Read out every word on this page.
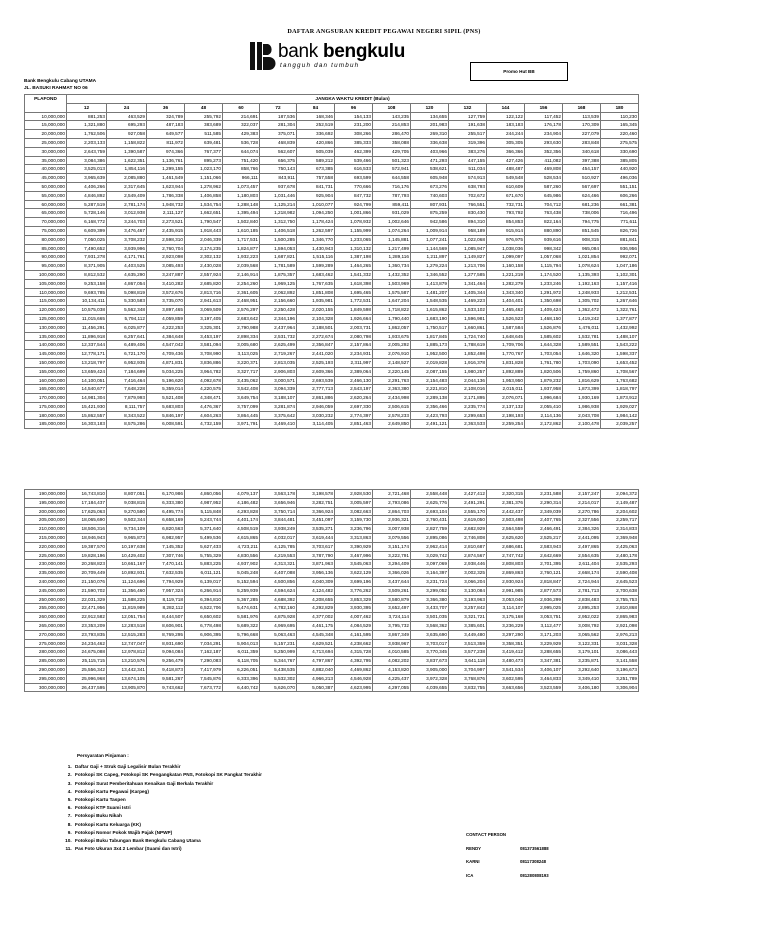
DAFTAR ANGSURAN KREDIT PEGAWAI NEGERI SIPIL (PNS)
bank bengkulu
tangguh dan tumbuh
Promo Hut BB
Bank Bengkulu Cabang UTAMA
JL. BASUKI RAHMAT NO 06
PLAFOND	JANGKA WAKTU KREDIT (Bulan)														
	12	24	36	48	60	72	84	96	108	120	132	144	156	168	180
10,000,000	881,253	463,529	324,789	255,792	214,691	187,536	168,346	154,133	143,235	134,655	127,759	122,122	117,452	113,539	110,230
15,000,000	1,321,880	695,293	487,183	383,689	322,037	281,304	252,519	231,200	214,853	201,983	191,638	183,183	176,178	170,309	165,345
20,000,000	1,762,506	927,058	649,577	511,585	429,383	375,071	336,692	308,266	286,470	269,310	255,517	244,244	234,904	227,079	220,460
25,000,000	2,203,133	1,158,822	811,972	639,481	536,728	468,839	420,866	385,333	358,088	336,638	319,396	305,305	293,630	283,848	275,575
30,000,000	2,643,759	1,390,587	974,366	767,377	644,074	562,607	505,039	462,399	429,705	403,966	383,276	366,366	352,356	340,618	330,690
35,000,000	3,084,386	1,622,351	1,136,761	895,273	751,420	656,375	589,212	539,466	501,323	471,293	447,155	427,426	411,082	397,388	385,805
40,000,000	3,525,013	1,854,116	1,299,155	1,023,170	858,766	750,143	673,385	616,533	572,941	538,621	511,034	488,487	469,808	454,157	440,920
45,000,000	3,965,639	2,085,880	1,461,549	1,151,066	966,111	843,911	757,558	693,599	644,558	605,948	574,913	549,548	528,534	510,927	496,036
50,000,000	4,406,266	2,317,645	1,623,944	1,278,962	1,073,457	937,678	841,731	770,666	716,176	673,276	638,793	610,609	587,260	567,697	551,151
55,000,000	4,846,892	2,549,409	1,786,338	1,406,858	1,180,803	1,031,446	925,904	847,732	787,793	740,603	702,672	671,670	645,986	624,466	606,266
60,000,000	5,287,519	2,781,174	1,948,732	1,534,754	1,288,148	1,125,214	1,010,077	924,799	859,411	807,931	766,551	732,731	704,712	681,236	661,381
65,000,000	5,728,146	3,012,938	2,111,127	1,662,651	1,395,494	1,218,982	1,094,250	1,001,866	931,029	875,259	830,430	793,792	763,438	738,006	716,496
70,000,000	6,168,772	3,244,703	2,273,521	1,790,547	1,502,840	1,312,750	1,178,424	1,078,932	1,002,646	942,586	894,310	854,853	822,164	794,775	771,611
75,000,000	6,609,399	3,476,467	2,435,915	1,918,443	1,610,185	1,406,518	1,262,597	1,155,999	1,074,264	1,009,914	958,189	915,914	880,890	851,545	826,726
80,000,000	7,050,025	3,708,232	2,598,310	2,046,339	1,717,531	1,500,285	1,346,770	1,233,065	1,145,881	1,077,241	1,022,068	976,975	939,616	908,315	881,841
85,000,000	7,490,652	3,939,996	2,760,704	2,174,235	1,824,877	1,594,053	1,430,943	1,310,132	1,217,499	1,144,569	1,085,947	1,038,036	998,342	965,084	936,956
90,000,000	7,931,278	4,171,761	2,923,098	2,302,132	1,932,223	1,687,821	1,515,116	1,387,198	1,289,116	1,211,897	1,149,827	1,099,097	1,057,068	1,021,854	992,071
95,000,000	8,371,905	4,403,525	3,085,493	2,430,028	2,039,568	1,781,589	1,599,289	1,464,265	1,360,734	1,279,224	1,213,706	1,160,158	1,115,794	1,078,624	1,047,186
100,000,000	8,812,532	4,635,290	3,247,887	2,557,924	2,146,914	1,875,357	1,683,462	1,541,332	1,432,352	1,346,552	1,277,585	1,221,219	1,174,520	1,135,393	1,102,301
105,000,000	9,253,158	4,867,054	3,410,282	2,685,820	2,254,260	1,969,125	1,767,635	1,618,398	1,503,969	1,413,879	1,341,464	1,282,279	1,233,246	1,192,163	1,157,416
110,000,000	9,693,785	5,098,819	3,572,676	2,813,716	2,361,605	2,062,892	1,851,808	1,695,465	1,575,587	1,481,207	1,405,344	1,343,340	1,291,972	1,248,933	1,212,531
115,000,000	10,134,411	5,330,583	3,735,070	2,941,613	2,468,951	2,156,660	1,935,981	1,772,531	1,647,204	1,548,535	1,469,223	1,404,401	1,350,698	1,305,702	1,267,646
120,000,000	10,575,038	5,562,348	3,897,465	3,069,509	2,576,297	2,250,428	2,020,155	1,849,598	1,718,822	1,615,862	1,533,102	1,465,462	1,409,424	1,362,472	1,322,761
125,000,000	11,015,665	5,794,112	4,059,859	3,197,405	2,683,642	2,344,196	2,104,328	1,926,664	1,790,440	1,683,190	1,596,981	1,526,523	1,468,150	1,419,242	1,377,877
130,000,000	11,456,291	6,025,877	4,222,253	3,325,301	2,790,988	2,437,964	2,188,501	2,003,731	1,862,057	1,750,517	1,660,861	1,587,584	1,526,876	1,476,011	1,432,992
135,000,000	11,896,918	6,257,641	4,384,648	3,453,197	2,898,334	2,531,732	2,272,674	2,080,798	1,933,675	1,817,845	1,724,740	1,648,645	1,585,602	1,532,781	1,488,107
140,000,000	12,337,544	6,489,406	4,547,042	3,581,094	3,005,680	2,625,499	2,356,847	2,157,864	2,005,292	1,885,173	1,788,619	1,709,706	1,644,328	1,589,551	1,543,222
145,000,000	12,778,171	6,721,170	4,709,436	3,708,990	3,113,025	2,719,267	2,441,020	2,234,931	2,076,910	1,952,500	1,852,498	1,770,767	1,703,054	1,646,320	1,598,337
150,000,000	13,218,797	6,952,935	4,871,831	3,836,886	3,220,371	2,813,035	2,525,193	2,311,997	2,148,527	2,019,828	1,916,378	1,831,828	1,761,780	1,703,090	1,653,452
155,000,000	13,659,424	7,184,699	5,034,225	3,964,782	3,327,717	2,906,803	2,609,366	2,389,064	2,220,145	2,087,155	1,980,257	1,892,889	1,820,506	1,759,860	1,708,567
160,000,000	14,100,051	7,416,464	5,196,620	4,092,678	3,435,062	3,000,571	2,693,539	2,466,130	2,291,763	2,154,483	2,044,136	1,953,950	1,879,232	1,816,629	1,763,682
165,000,000	14,540,677	7,648,228	5,359,014	4,220,575	3,542,408	3,094,339	2,777,713	2,543,197	2,363,380	2,221,810	2,108,016	2,015,011	1,937,958	1,873,399	1,818,797
170,000,000	14,981,304	7,879,993	5,521,408	4,348,471	3,649,754	3,188,107	2,861,886	2,620,264	2,434,998	2,289,138	2,171,895	2,076,071	1,996,684	1,930,169	1,873,912
175,000,000	15,421,930	8,111,757	5,683,803	4,476,367	3,757,099	3,281,874	2,946,059	2,697,330	2,506,615	2,356,466	2,235,774	2,137,132	2,055,410	1,986,938	1,929,027
180,000,000	15,862,557	8,343,522	5,846,197	4,604,263	3,864,445	3,375,642	3,030,232	2,774,397	2,578,233	2,423,793	2,299,653	2,198,193	2,114,136	2,043,708	1,984,142
185,000,000	16,303,183	8,575,286	6,008,591	4,732,159	3,971,791	3,469,410	3,114,405	2,851,463	2,649,850	2,491,121	2,363,533	2,259,254	2,172,862	2,100,478	2,039,257
190,000,000	16,743,810	8,807,051	6,170,986	4,860,056	4,079,137	3,563,178	3,198,578	2,928,530	2,721,468	2,558,448	2,427,412	2,320,315	2,231,588	2,157,247	2,094,372
195,000,000	17,184,437	9,038,815	6,333,380	4,987,952	4,186,482	3,656,946	3,282,751	3,005,597	2,793,086	2,625,776	2,491,291	2,381,376	2,290,314	2,214,017	2,149,487
200,000,000	17,625,063	9,270,580	6,495,774	5,115,848	4,293,828	3,750,714	3,366,924	3,082,663	2,864,703	2,693,104	2,555,170	2,442,437	2,349,039	2,270,786	2,204,602
205,000,000	18,065,690	9,502,344	6,658,169	5,243,744	4,401,174	3,844,481	3,451,097	3,159,730	2,936,321	2,760,431	2,619,050	2,503,498	2,407,765	2,327,556	2,259,717
210,000,000	18,506,316	9,734,109	6,820,563	5,371,640	4,508,519	3,938,249	3,535,271	3,236,796	3,007,938	2,827,759	2,682,929	2,564,559	2,466,491	2,384,326	2,314,833
215,000,000	18,946,943	9,965,873	6,982,957	5,499,536	4,615,865	4,032,017	3,619,444	3,313,863	3,079,556	2,895,086	2,746,808	2,625,620	2,525,217	2,441,095	2,369,948
220,000,000	19,387,570	10,197,638	7,145,352	5,627,433	4,723,211	4,125,785	3,703,617	3,390,929	3,151,174	2,962,414	2,810,687	2,686,681	2,583,943	2,497,865	2,425,063
225,000,000	19,828,196	10,429,402	7,307,746	5,755,329	4,830,556	4,219,553	3,787,790	3,467,996	3,222,791	3,029,742	2,874,567	2,747,742	2,642,669	2,554,635	2,480,178
230,000,000	20,268,823	10,661,167	7,470,141	5,883,225	4,937,902	4,313,321	3,871,963	3,545,063	3,294,409	3,097,069	2,938,446	2,808,803	2,701,395	2,611,404	2,535,293
235,000,000	20,709,449	10,892,931	7,632,535	6,011,121	5,045,248	4,407,088	3,956,136	3,622,129	3,366,026	3,164,397	3,002,325	2,869,863	2,760,121	2,668,174	2,590,408
240,000,000	21,150,076	11,124,696	7,794,929	6,139,017	5,152,594	4,500,856	4,040,309	3,699,196	3,437,644	3,231,724	3,066,204	2,930,924	2,818,847	2,724,944	2,645,523
245,000,000	21,590,702	11,356,460	7,957,324	6,266,914	5,259,939	4,594,624	4,124,482	3,776,262	3,509,261	3,299,052	3,130,084	2,991,985	2,877,573	2,781,713	2,700,638
250,000,000	22,031,329	11,588,225	8,119,718	6,394,810	5,367,285	4,688,392	4,208,655	3,853,329	3,580,879	3,366,380	3,193,963	3,053,046	2,936,299	2,838,483	2,755,753
255,000,000	22,471,956	11,819,989	8,282,112	6,522,706	5,474,631	4,782,160	4,292,829	3,930,395	3,652,497	3,433,707	3,257,842	3,114,107	2,995,025	2,895,253	2,810,868
260,000,000	22,912,582	12,051,754	8,444,507	6,650,602	5,581,976	4,875,928	4,377,002	4,007,462	3,724,114	3,501,035	3,321,721	3,175,168	3,053,751	2,952,022	2,865,983
265,000,000	23,353,209	12,283,518	8,606,901	6,778,498	5,689,322	4,969,695	4,461,175	4,084,529	3,795,732	3,568,362	3,385,601	3,236,229	3,112,477	3,008,792	2,921,098
270,000,000	23,793,835	12,515,283	8,769,295	6,906,395	5,796,668	5,063,463	4,545,348	4,161,595	3,867,349	3,635,690	3,449,480	3,297,290	3,171,203	3,065,562	2,976,213
275,000,000	24,234,462	12,747,047	8,931,690	7,034,291	5,904,013	5,157,231	4,629,521	4,238,662	3,938,967	3,703,017	3,513,359	3,358,351	3,229,929	3,122,331	3,031,328
280,000,000	24,675,088	12,978,812	9,094,084	7,162,187	6,011,359	5,250,999	4,713,694	4,315,728	4,010,585	3,770,345	3,577,238	3,419,412	3,288,655	3,179,101	3,086,443
285,000,000	25,115,715	13,210,576	9,256,479	7,290,083	6,118,705	5,344,767	4,797,867	4,392,795	4,082,202	3,837,673	3,641,118	3,480,473	3,347,381	3,235,871	3,141,558
290,000,000	25,556,342	13,442,341	9,418,873	7,417,979	6,226,051	5,438,535	4,882,040	4,469,862	4,153,820	3,905,000	3,704,997	3,541,534	3,406,107	3,292,640	3,196,673
295,000,000	25,996,968	13,674,105	9,581,267	7,545,876	6,333,396	5,532,302	4,966,213	4,546,928	4,225,437	3,972,328	3,768,876	3,602,595	3,464,833	3,349,410	3,251,789
300,000,000	26,437,595	13,905,870	9,743,662	7,673,772	6,440,742	5,626,070	5,050,387	4,623,995	4,297,055	4,039,655	3,832,755	3,663,656	3,523,559	3,406,180	3,306,904
Persyaratan Pinjaman :
1. Daftar Gaji + Struk Gaji Legalisir Bulan Terakhir
2. Fotokopi SK Capeg, Fotokopi SK Pengangkatan PNS, Fotokopi SK Pangkat Terakhir
3. Fotokopi Surat Pemberitahuan Kenaikan Gaji Berkala Terakhir
4. Fotokopi Kartu Pegawai (Karpeg)
5. Fotokopi Kartu Taspen
6. Fotokopi KTP Suami Istri
7. Fotokopi Buku Nikah
8. Fotokopi Kartu Keluarga (KK)
9. Fotokopi Nomor Pokok Wajib Pajak (NPWP)
10. Fotokopi Buku Tabungan Bank Bengkulu Cabang Utama
11. Pas Foto Ukuran 3x4 2 Lembar (Suami dan Istri)
CONTACT PERSON
RENDY	081373561888
KARNI	08117308248
ICA	081280808193
